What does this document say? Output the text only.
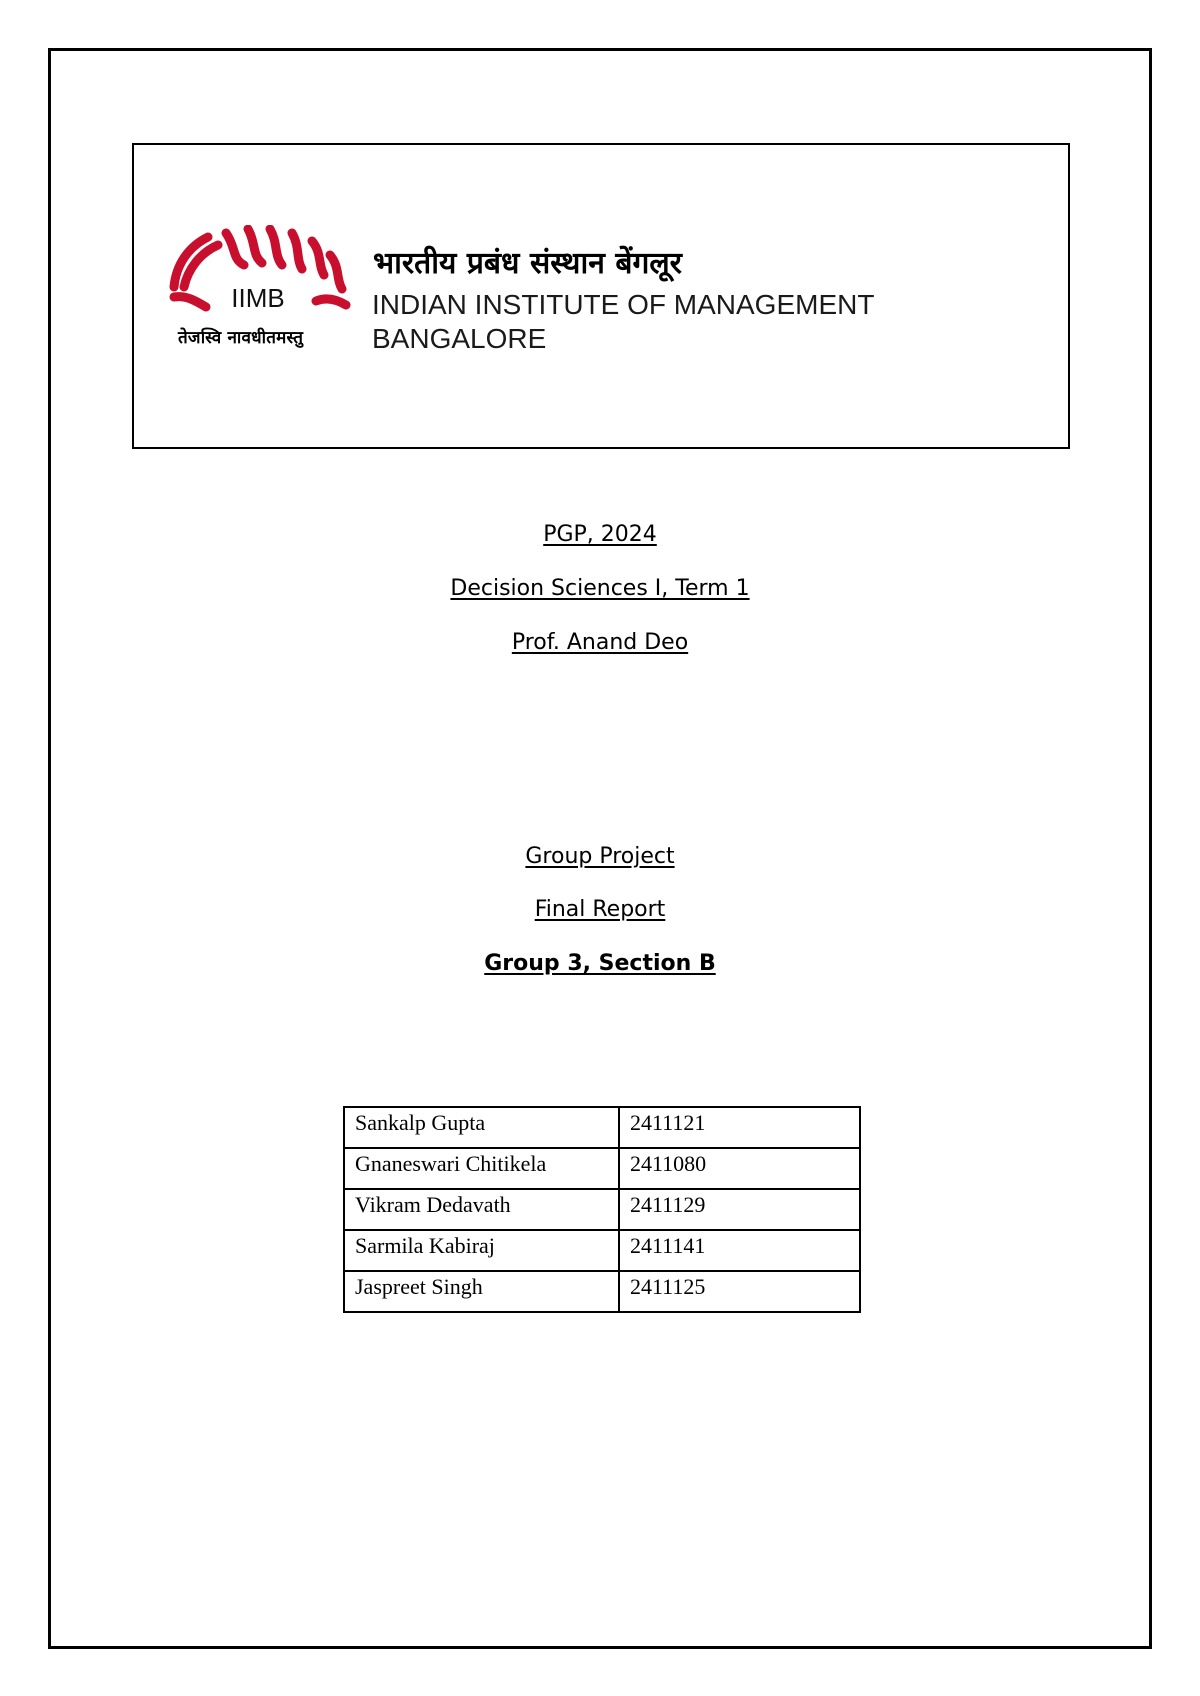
IIMB
तेजस्वि नावधीतमस्तु
भारतीय प्रबंध संस्थान बेंगलूर
INDIAN INSTITUTE OF MANAGEMENT
BANGALORE
PGP, 2024
Decision Sciences I, Term 1
Prof. Anand Deo
Group Project
Final Report
Group 3, Section B
Sankalp Gupta	2411121
Gnaneswari Chitikela	2411080
Vikram Dedavath	2411129
Sarmila Kabiraj	2411141
Jaspreet Singh	2411125
